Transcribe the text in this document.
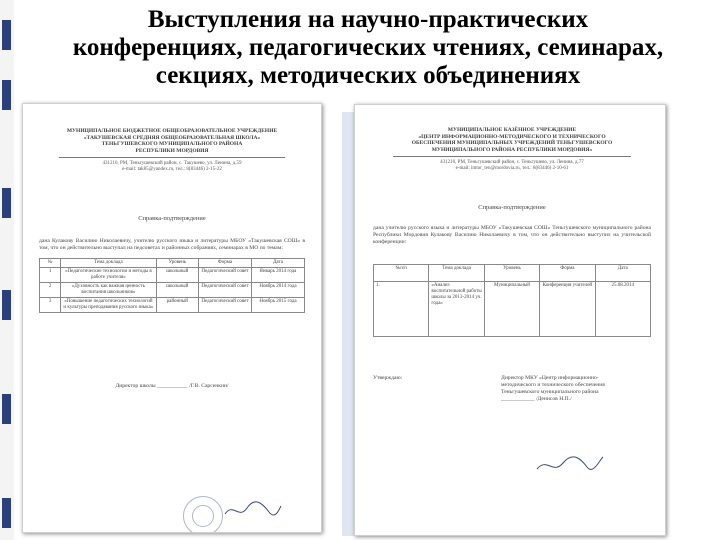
Выступления на научно-практических
конференциях, педагогических чтениях, семинарах,
секциях, методических объединениях
МУНИЦИПАЛЬНОЕ БЮДЖЕТНОЕ ОБЩЕОБРАЗОВАТЕЛЬНОЕ УЧРЕЖДЕНИЕ
«ТАКУШЕВСКАЯ СРЕДНЯЯ ОБЩЕОБРАЗОВАТЕЛЬНАЯ ШКОЛА»
ТЕНЬГУШЕВСКОГО МУНИЦИПАЛЬНОГО РАЙОНА
РЕСПУБЛИКИ МОРДОВИЯ
431210, РМ, Теньгушевский район, с. Такушево, ул. Ленина, д.59
e-mail: tak85@yandex.ru, тел.: 8(83446) 2-15-22
Справка-подтверждение
дана Кулакову Василию Николаевичу, учителю русского языка и литературы МБОУ «Такушевская СОШ» в том, что он действительно выступал на педсоветах и районных собраниях, семинарах в МО по темам:
№	Тема доклада	Уровень	Форма	Дата
1	«Педагогические технологии и методы в работе учителя»	школьный	Педагогический совет	Январь 2014 года
2	«Духовность как важная ценность воспитания школьников»	школьный	Педагогический совет	Ноябрь 2014 года
3	«Повышение педагогических технологий и культуры преподавания русского языка»	районный	Педагогический совет	Ноябрь 2015 года
Директор школы ___________ /Г.В. Сарсенкин/
МУНИЦИПАЛЬНОЕ КАЗЁННОЕ УЧРЕЖДЕНИЕ
«ЦЕНТР ИНФОРМАЦИОННО-МЕТОДИЧЕСКОГО И ТЕХНИЧЕСКОГО
ОБЕСПЕЧЕНИЯ МУНИЦИПАЛЬНЫХ УЧРЕЖДЕНИЙ ТЕНЬГУШЕВСКОГО
МУНИЦИПАЛЬНОГО РАЙОНА РЕСПУБЛИКИ МОРДОВИЯ»
431210, РМ, Теньгушевский район, с. Теньгушево, ул. Ленина, д.77
e-mail: imtor_ten@mordovia.ru, тел.: 8(83446) 2-10-61
Справка-подтверждение
дана учителю русского языка и литературы МБОУ «Такушевская СОШ» Теньгушевского муниципального района Республики Мордовия Кулакову Василию Николаевичу в том, что он действительно выступил на учительской конференции:
№п/п	Тема доклада	Уровень	Форма	Дата
1.	«Анализ воспитательной работы школы за 2013-2014 уч. года»	Муниципальный	Конференция учителей	25.08.2014
Утверждаю:	Директор МКУ «Центр информационно-
методического и технического обеспечения
Теньгушевского муниципального района
____________ /Денисов Н.П./
